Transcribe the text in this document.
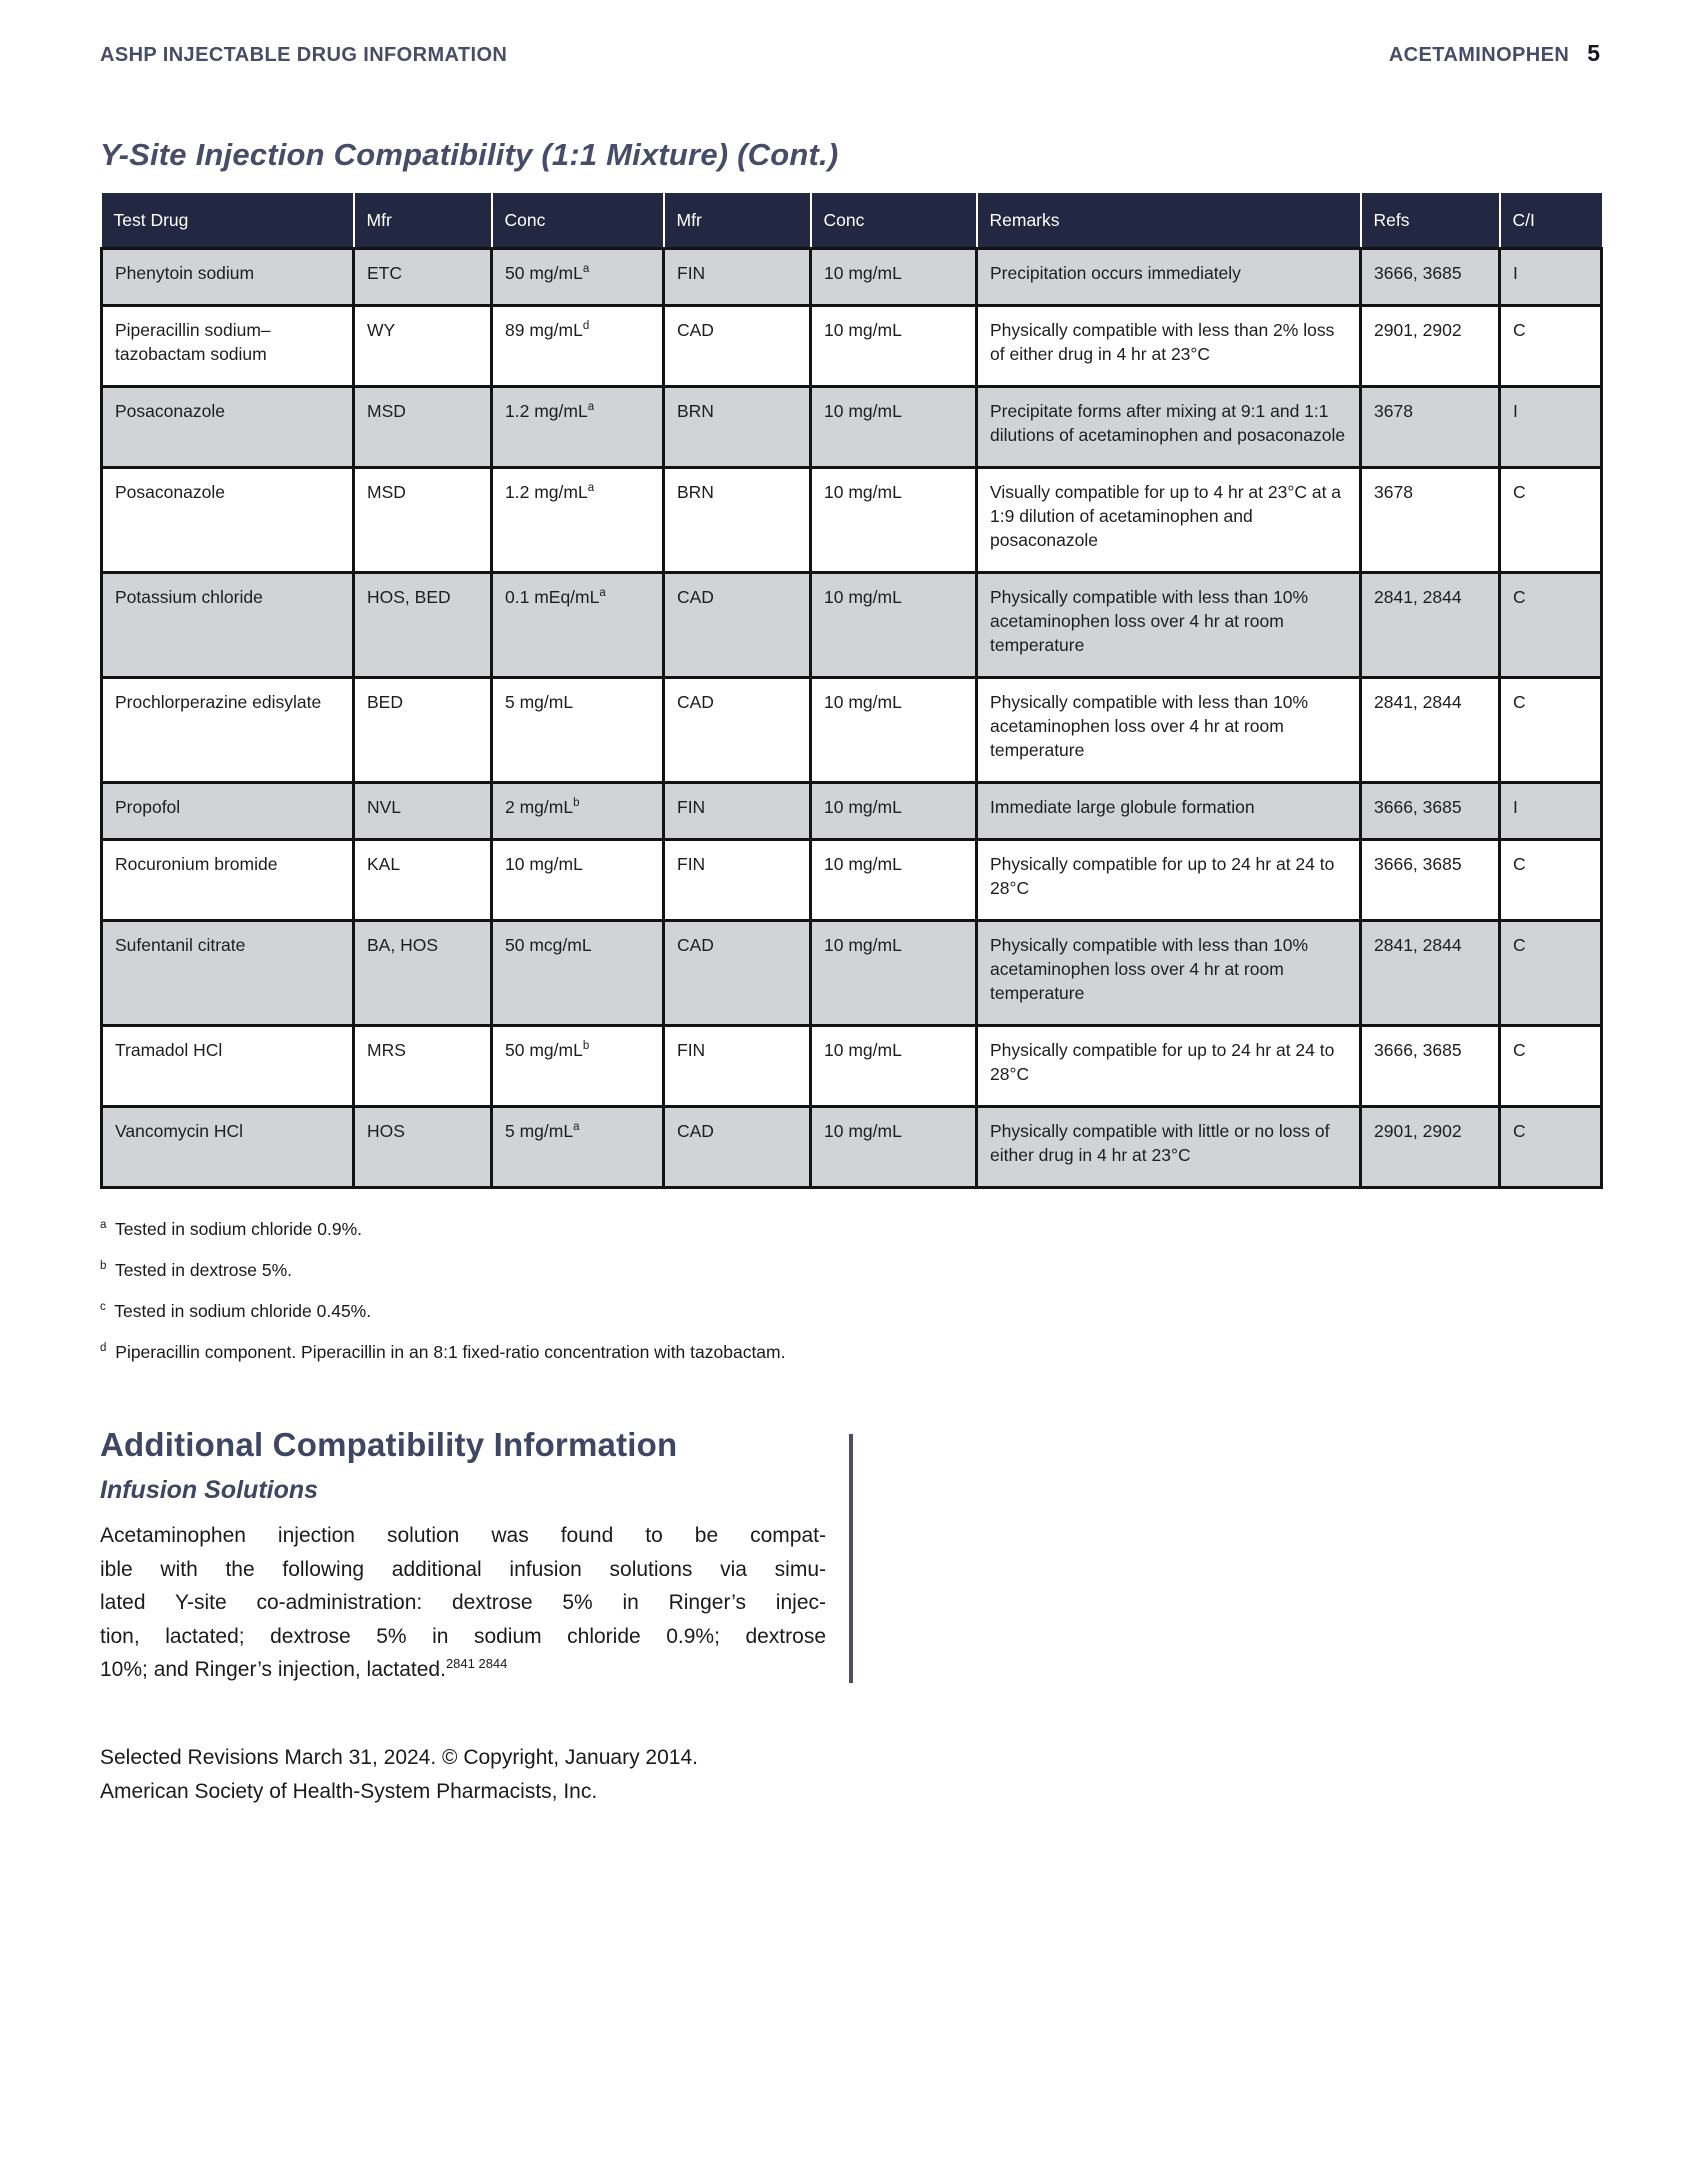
ASHP INJECTABLE DRUG INFORMATION	ACETAMINOPHEN 5
Y-Site Injection Compatibility (1:1 Mixture) (Cont.)
Test Drug	Mfr	Conc	Mfr	Conc	Remarks	Refs	C/I
Phenytoin sodium	ETC	50 $mg/mL^a$	FIN	10 mg/mL	Precipitation occurs immediately	3666, 3685	I
Piperacillin sodium–tazobactam sodium	WY	89 $mg/mL^d$	CAD	10 mg/mL	Physically compatible with less than 2% loss of either drug in 4 hr at 23°C	2901, 2902	C
Posaconazole	MSD	1.2 $mg/mL^a$	BRN	10 mg/mL	Precipitate forms after mixing at 9:1 and 1:1 dilutions of acetaminophen and posaconazole	3678	I
Posaconazole	MSD	1.2 $mg/mL^a$	BRN	10 mg/mL	Visually compatible for up to 4 hr at 23°C at a 1:9 dilution of acetaminophen and posaconazole	3678	C
Potassium chloride	HOS, BED	0.1 mEq/$mL^a$	CAD	10 mg/mL	Physically compatible with less than 10% acetaminophen loss over 4 hr at room temperature	2841, 2844	C
Prochlorperazine edisylate	BED	5 mg/mL	CAD	10 mg/mL	Physically compatible with less than 10% acetaminophen loss over 4 hr at room temperature	2841, 2844	C
Propofol	NVL	2 $mg/mL^b$	FIN	10 mg/mL	Immediate large globule formation	3666, 3685	I
Rocuronium bromide	KAL	10 mg/mL	FIN	10 mg/mL	Physically compatible for up to 24 hr at 24 to 28°C	3666, 3685	C
Sufentanil citrate	BA, HOS	50 mcg/mL	CAD	10 mg/mL	Physically compatible with less than 10% acetaminophen loss over 4 hr at room temperature	2841, 2844	C
Tramadol HCl	MRS	50 $mg/mL^b$	FIN	10 mg/mL	Physically compatible for up to 24 hr at 24 to 28°C	3666, 3685	C
Vancomycin HCl	HOS	5 $mg/mL^a$	CAD	10 mg/mL	Physically compatible with little or no loss of either drug in 4 hr at 23°C	2901, 2902	C
$^a$ Tested in sodium chloride 0.9%.
$^b$ Tested in dextrose 5%.
$^c$ Tested in sodium chloride 0.45%.
$^d$ Piperacillin component. Piperacillin in an 8:1 fixed-ratio concentration with tazobactam.
Additional Compatibility Information
Infusion Solutions
Acetaminophen injection solution was found to be compat-
ible with the following additional infusion solutions via simu-
lated Y-site co-administration: dextrose 5% in Ringer’s injec-
tion, lactated; dextrose 5% in sodium chloride 0.9%; dextrose
10%; and Ringer’s injection, lactated.$^{2841 2844}$
Selected Revisions March 31, 2024. © Copyright, January 2014.
American Society of Health-System Pharmacists, Inc.
